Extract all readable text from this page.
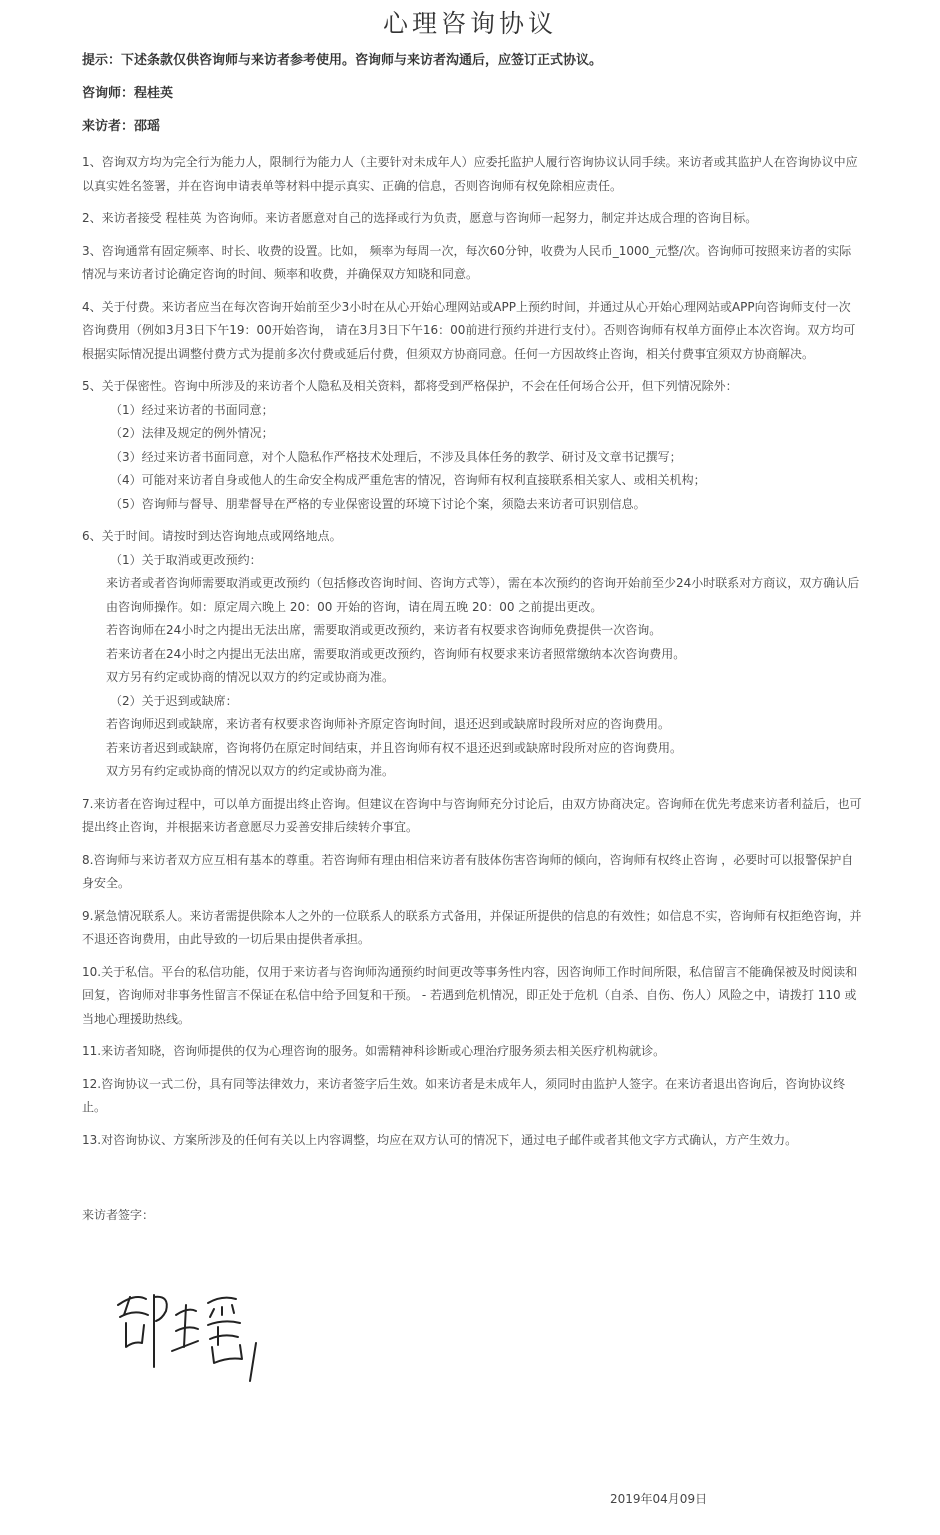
心理咨询协议
提示：下述条款仅供咨询师与来访者参考使用。咨询师与来访者沟通后，应签订正式协议。
咨询师：程桂英
来访者：邵瑶
1、咨询双方均为完全行为能力人，限制行为能力人（主要针对未成年人）应委托监护人履行咨询协议认同手续。来访者或其监护人在咨询协议中应以真实姓名签署，并在咨询申请表单等材料中提示真实、正确的信息，否则咨询师有权免除相应责任。
2、来访者接受 程桂英 为咨询师。来访者愿意对自己的选择或行为负责，愿意与咨询师一起努力，制定并达成合理的咨询目标。
3、咨询通常有固定频率、时长、收费的设置。比如， 频率为每周一次，每次60分钟，收费为人民币_1000_元整/次。咨询师可按照来访者的实际情况与来访者讨论确定咨询的时间、频率和收费，并确保双方知晓和同意。
4、关于付费。来访者应当在每次咨询开始前至少3小时在从心开始心理网站或APP上预约时间，并通过从心开始心理网站或APP向咨询师支付一次咨询费用（例如3月3日下午19：00开始咨询， 请在3月3日下午16：00前进行预约并进行支付）。否则咨询师有权单方面停止本次咨询。双方均可根据实际情况提出调整付费方式为提前多次付费或延后付费，但须双方协商同意。任何一方因故终止咨询，相关付费事宜须双方协商解决。
5、关于保密性。咨询中所涉及的来访者个人隐私及相关资料，都将受到严格保护，不会在任何场合公开，但下列情况除外：
（1）经过来访者的书面同意；
（2）法律及规定的例外情况；
（3）经过来访者书面同意，对个人隐私作严格技术处理后，不涉及具体任务的教学、研讨及文章书记撰写；
（4）可能对来访者自身或他人的生命安全构成严重危害的情况，咨询师有权利直接联系相关家人、或相关机构；
（5）咨询师与督导、朋辈督导在严格的专业保密设置的环境下讨论个案，须隐去来访者可识别信息。
6、关于时间。请按时到达咨询地点或网络地点。
（1）关于取消或更改预约：
来访者或者咨询师需要取消或更改预约（包括修改咨询时间、咨询方式等），需在本次预约的咨询开始前至少24小时联系对方商议，双方确认后由咨询师操作。如：原定周六晚上 20：00 开始的咨询，请在周五晚 20：00 之前提出更改。
若咨询师在24小时之内提出无法出席，需要取消或更改预约，来访者有权要求咨询师免费提供一次咨询。
若来访者在24小时之内提出无法出席，需要取消或更改预约，咨询师有权要求来访者照常缴纳本次咨询费用。
双方另有约定或协商的情况以双方的约定或协商为准。
（2）关于迟到或缺席：
若咨询师迟到或缺席，来访者有权要求咨询师补齐原定咨询时间，退还迟到或缺席时段所对应的咨询费用。
若来访者迟到或缺席，咨询将仍在原定时间结束，并且咨询师有权不退还迟到或缺席时段所对应的咨询费用。
双方另有约定或协商的情况以双方的约定或协商为准。
7.来访者在咨询过程中，可以单方面提出终止咨询。但建议在咨询中与咨询师充分讨论后，由双方协商决定。咨询师在优先考虑来访者利益后，也可提出终止咨询，并根据来访者意愿尽力妥善安排后续转介事宜。
8.咨询师与来访者双方应互相有基本的尊重。若咨询师有理由相信来访者有肢体伤害咨询师的倾向，咨询师有权终止咨询 ，必要时可以报警保护自身安全。
9.紧急情况联系人。来访者需提供除本人之外的一位联系人的联系方式备用，并保证所提供的信息的有效性；如信息不实，咨询师有权拒绝咨询，并不退还咨询费用，由此导致的一切后果由提供者承担。
10.关于私信。平台的私信功能，仅用于来访者与咨询师沟通预约时间更改等事务性内容，因咨询师工作时间所限，私信留言不能确保被及时阅读和回复，咨询师对非事务性留言不保证在私信中给予回复和干预。 - 若遇到危机情况，即正处于危机（自杀、自伤、伤人）风险之中，请拨打 110 或当地心理援助热线。
11.来访者知晓，咨询师提供的仅为心理咨询的服务。如需精神科诊断或心理治疗服务须去相关医疗机构就诊。
12.咨询协议一式二份，具有同等法律效力，来访者签字后生效。如来访者是未成年人，须同时由监护人签字。在来访者退出咨询后，咨询协议终止。
13.对咨询协议、方案所涉及的任何有关以上内容调整，均应在双方认可的情况下，通过电子邮件或者其他文字方式确认，方产生效力。
来访者签字：
2019年04月09日
